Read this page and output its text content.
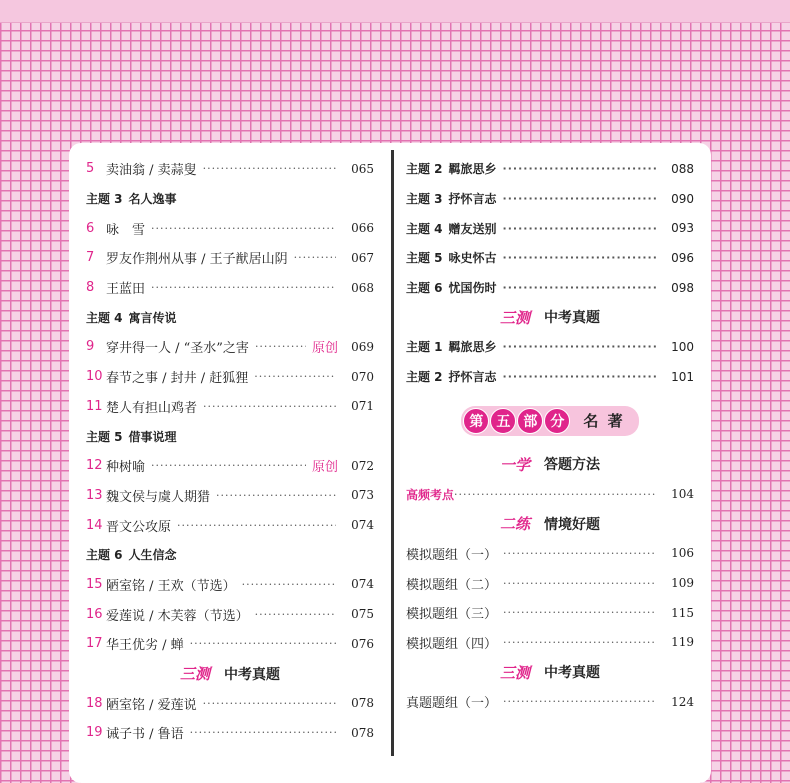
5 卖油翁 / 卖蒜叟 ·····	065
主题 3 名人逸事
6 咏　雪 ·····	066
7 罗友作荆州从事 / 王子猷居山阴 ·····	067
8 王蓝田 ·····	068
主题 4 寓言传说
9 穿井得一人 / “圣水”之害 ·····	原创	069
10 春节之事 / 封井 / 赶狐狸 ·····	070
11 楚人有担山鸡者 ·····	071
主题 5 借事说理
12 种树喻 ·····	原创	072
13 魏文侯与虞人期猎 ·····	073
14 晋文公攻原 ·····	074
主题 6 人生信念
15 陋室铭 / 王欢（节选） ·····	074
16 爱莲说 / 木芙蓉（节选） ·····	075
17 华王优劣 / 蝉 ·····	076
三测 中考真题
18 陋室铭 / 爱莲说 ·····	078
19 诫子书 / 鲁语 ·····	078
主题 2 羁旅思乡 ·····	088
主题 3 抒怀言志 ·····	090
主题 4 赠友送别 ·····	093
主题 5 咏史怀古 ·····	096
主题 6 忧国伤时 ·····	098
三测 中考真题
主题 1 羁旅思乡 ·····	100
主题 2 抒怀言志 ·····	101
第 五 部 分	名 著
一学 答题方法
高频考点 ·····	104
二练 情境好题
模拟题组（一） ·····	106
模拟题组（二） ·····	109
模拟题组（三） ·····	115
模拟题组（四） ·····	119
三测 中考真题
真题题组（一） ·····	124
